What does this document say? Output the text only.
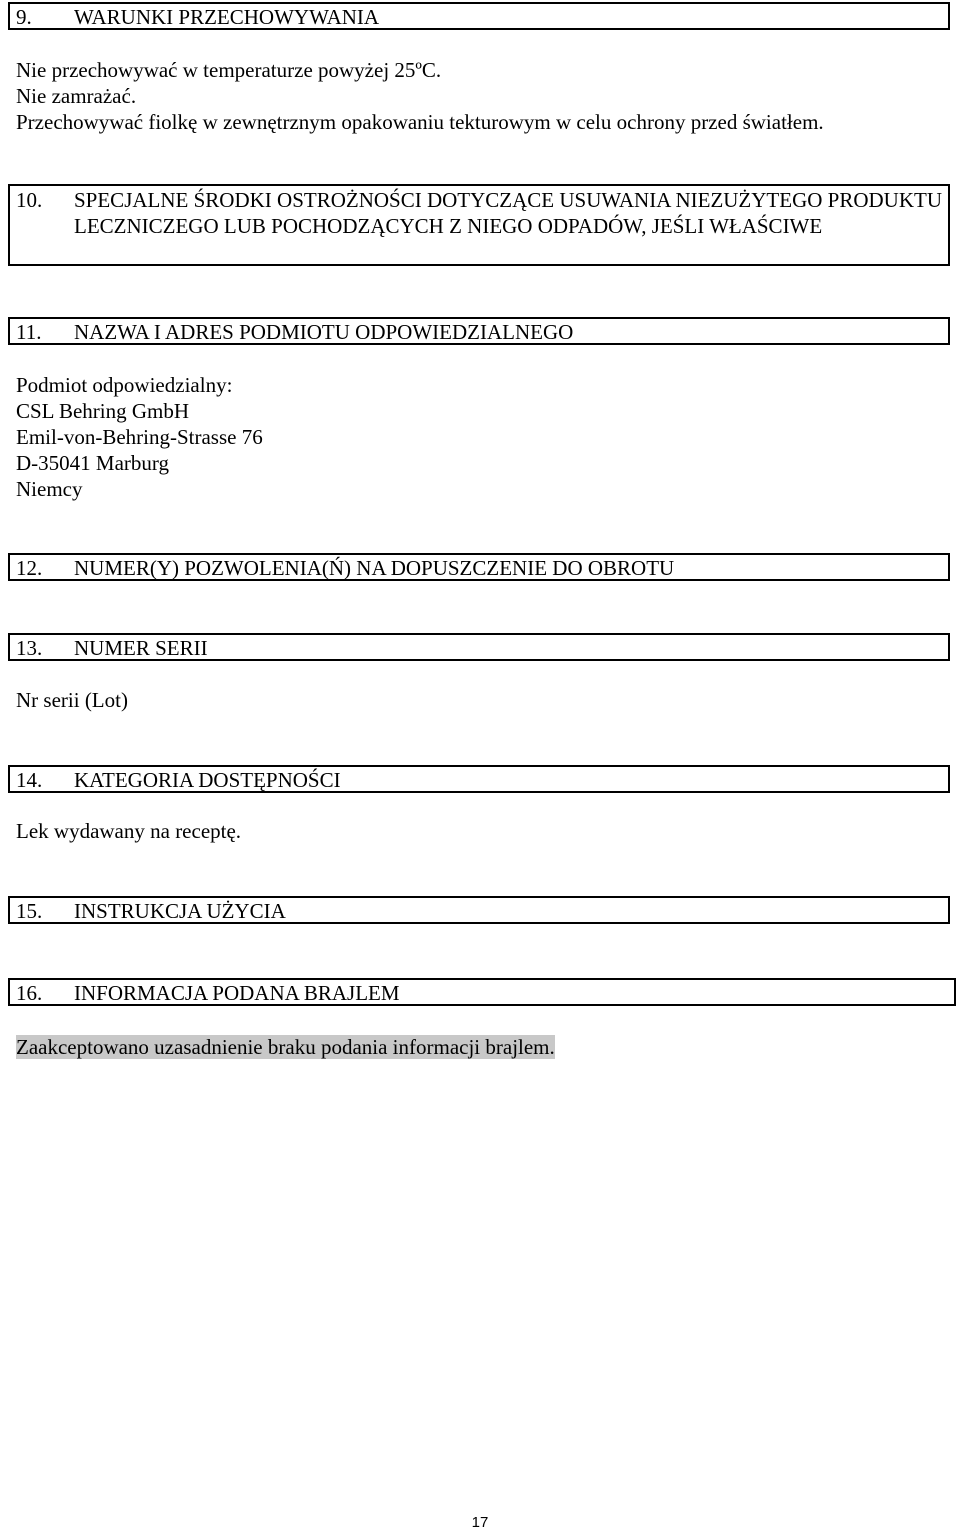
9. WARUNKI PRZECHOWYWANIA
Nie przechowywać w temperaturze powyżej 25ºC.
Nie zamrażać.
Przechowywać fiolkę w zewnętrznym opakowaniu tekturowym w celu ochrony przed światłem.
10. SPECJALNE ŚRODKI OSTROŻNOŚCI DOTYCZĄCE USUWANIA NIEZUŻYTEGO PRODUKTU LECZNICZEGO LUB POCHODZĄCYCH Z NIEGO ODPADÓW, JEŚLI WŁAŚCIWE
11. NAZWA I ADRES PODMIOTU ODPOWIEDZIALNEGO
Podmiot odpowiedzialny:
CSL Behring GmbH
Emil-von-Behring-Strasse 76
D-35041 Marburg
Niemcy
12. NUMER(Y) POZWOLENIA(Ń) NA DOPUSZCZENIE DO OBROTU
13. NUMER SERII
Nr serii (Lot)
14. KATEGORIA DOSTĘPNOŚCI
Lek wydawany na receptę.
15. INSTRUKCJA UŻYCIA
16. INFORMACJA PODANA BRAJLEM
Zaakceptowano uzasadnienie braku podania informacji brajlem.
17
